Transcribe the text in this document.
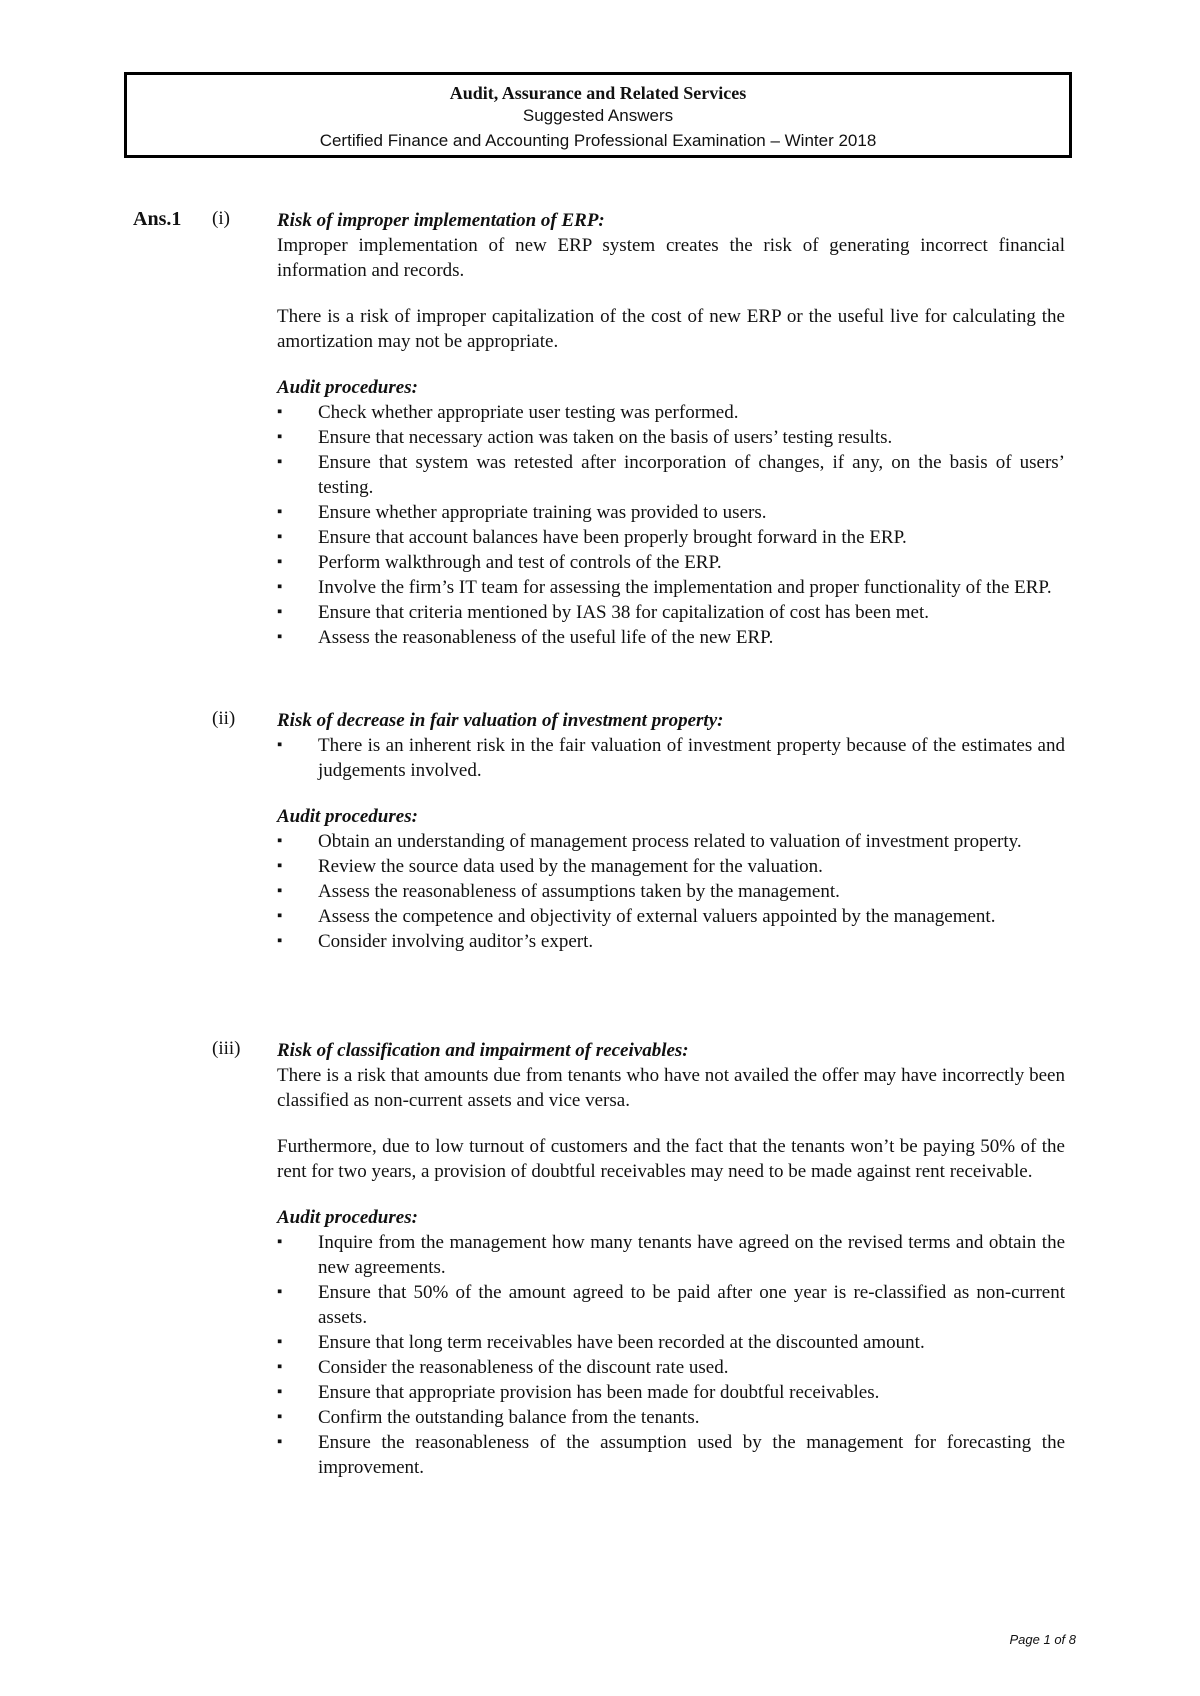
Audit, Assurance and Related Services
Suggested Answers
Certified Finance and Accounting Professional Examination – Winter 2018
Ans.1 (i) Risk of improper implementation of ERP:

Improper implementation of new ERP system creates the risk of generating incorrect financial information and records.

There is a risk of improper capitalization of the cost of new ERP or the useful live for calculating the amortization may not be appropriate.

Audit procedures:
▪ Check whether appropriate user testing was performed.
▪ Ensure that necessary action was taken on the basis of users’ testing results.
▪ Ensure that system was retested after incorporation of changes, if any, on the basis of users’ testing.
▪ Ensure whether appropriate training was provided to users.
▪ Ensure that account balances have been properly brought forward in the ERP.
▪ Perform walkthrough and test of controls of the ERP.
▪ Involve the firm’s IT team for assessing the implementation and proper functionality of the ERP.
▪ Ensure that criteria mentioned by IAS 38 for capitalization of cost has been met.
▪ Assess the reasonableness of the useful life of the new ERP.
(ii) Risk of decrease in fair valuation of investment property:
▪ There is an inherent risk in the fair valuation of investment property because of the estimates and judgements involved.
Audit procedures:
▪ Obtain an understanding of management process related to valuation of investment property.
▪ Review the source data used by the management for the valuation.
▪ Assess the reasonableness of assumptions taken by the management.
▪ Assess the competence and objectivity of external valuers appointed by the management.
▪ Consider involving auditor’s expert.
(iii) Risk of classification and impairment of receivables:

There is a risk that amounts due from tenants who have not availed the offer may have incorrectly been classified as non-current assets and vice versa.

Furthermore, due to low turnout of customers and the fact that the tenants won’t be paying 50% of the rent for two years, a provision of doubtful receivables may need to be made against rent receivable.

Audit procedures:
▪ Inquire from the management how many tenants have agreed on the revised terms and obtain the new agreements.
▪ Ensure that 50% of the amount agreed to be paid after one year is re-classified as non-current assets.
▪ Ensure that long term receivables have been recorded at the discounted amount.
▪ Consider the reasonableness of the discount rate used.
▪ Ensure that appropriate provision has been made for doubtful receivables.
▪ Confirm the outstanding balance from the tenants.
▪ Ensure the reasonableness of the assumption used by the management for forecasting the improvement.
Page 1 of 8
